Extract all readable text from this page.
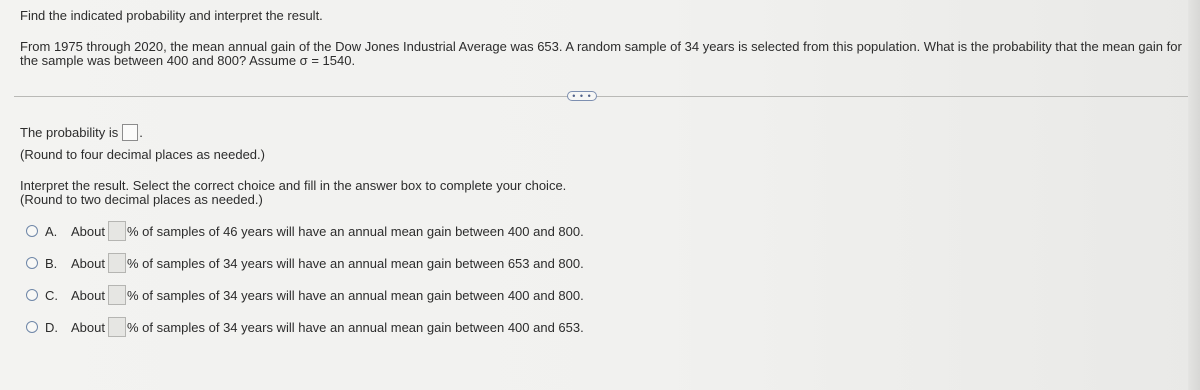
Find the indicated probability and interpret the result.
From 1975 through 2020, the mean annual gain of the Dow Jones Industrial Average was 653. A random sample of 34 years is selected from this population. What is the probability that the mean gain for the sample was between 400 and 800? Assume σ = 1540.
• • •
The probability is .
(Round to four decimal places as needed.)
Interpret the result. Select the correct choice and fill in the answer box to complete your choice.
(Round to two decimal places as needed.)
A.	About % of samples of 46 years will have an annual mean gain between 400 and 800.
B.	About % of samples of 34 years will have an annual mean gain between 653 and 800.
C.	About % of samples of 34 years will have an annual mean gain between 400 and 800.
D.	About % of samples of 34 years will have an annual mean gain between 400 and 653.
